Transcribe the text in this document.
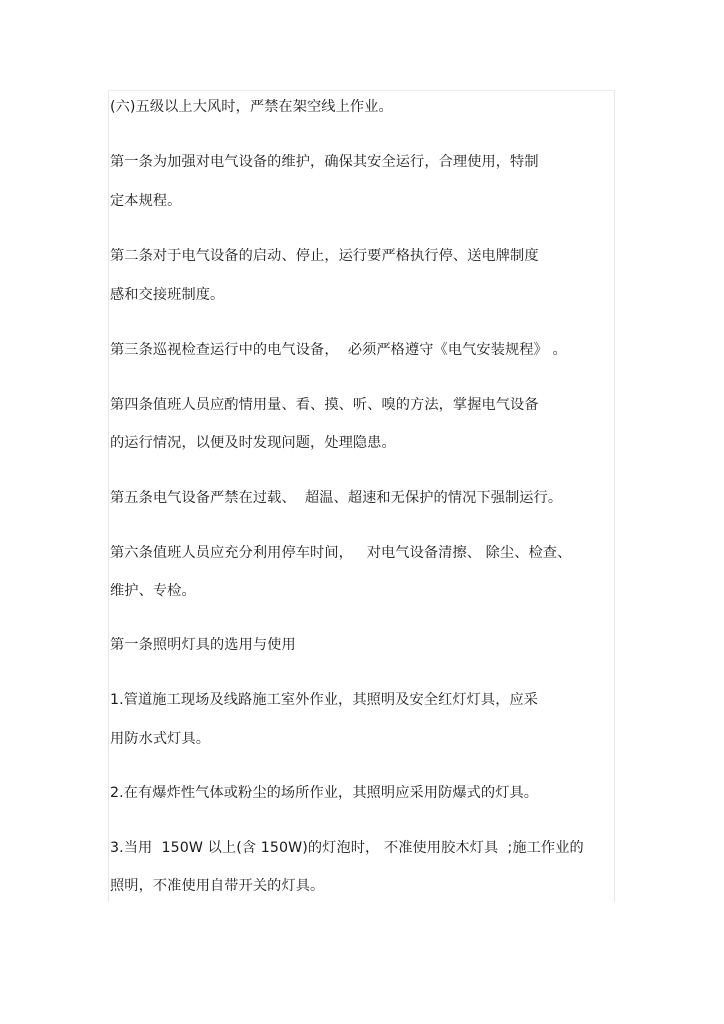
(六)五级以上大风时，严禁在架空线上作业。
第一条为加强对电气设备的维护，确保其安全运行，合理使用，特制
定本规程。
第二条对于电气设备的启动、停止，运行要严格执行停、送电牌制度
感和交接班制度。
第三条巡视检查运行中的电气设备，  必须严格遵守《电气安装规程》 。
第四条值班人员应酌情用量、看、摸、听、嗅的方法，掌握电气设备
的运行情况，以便及时发现问题，处理隐患。
第五条电气设备严禁在过载、  超温、超速和无保护的情况下强制运行。
第六条值班人员应充分利用停车时间，   对电气设备清擦、 除尘、检查、
维护、专检。
第一条照明灯具的选用与使用
1.管道施工现场及线路施工室外作业，其照明及安全红灯灯具，应采
用防水式灯具。
2.在有爆炸性气体或粉尘的场所作业，其照明应采用防爆式的灯具。
3.当用  150W 以上(含 150W)的灯泡时， 不准使用胶木灯具  ;施工作业的
照明，不准使用自带开关的灯具。
